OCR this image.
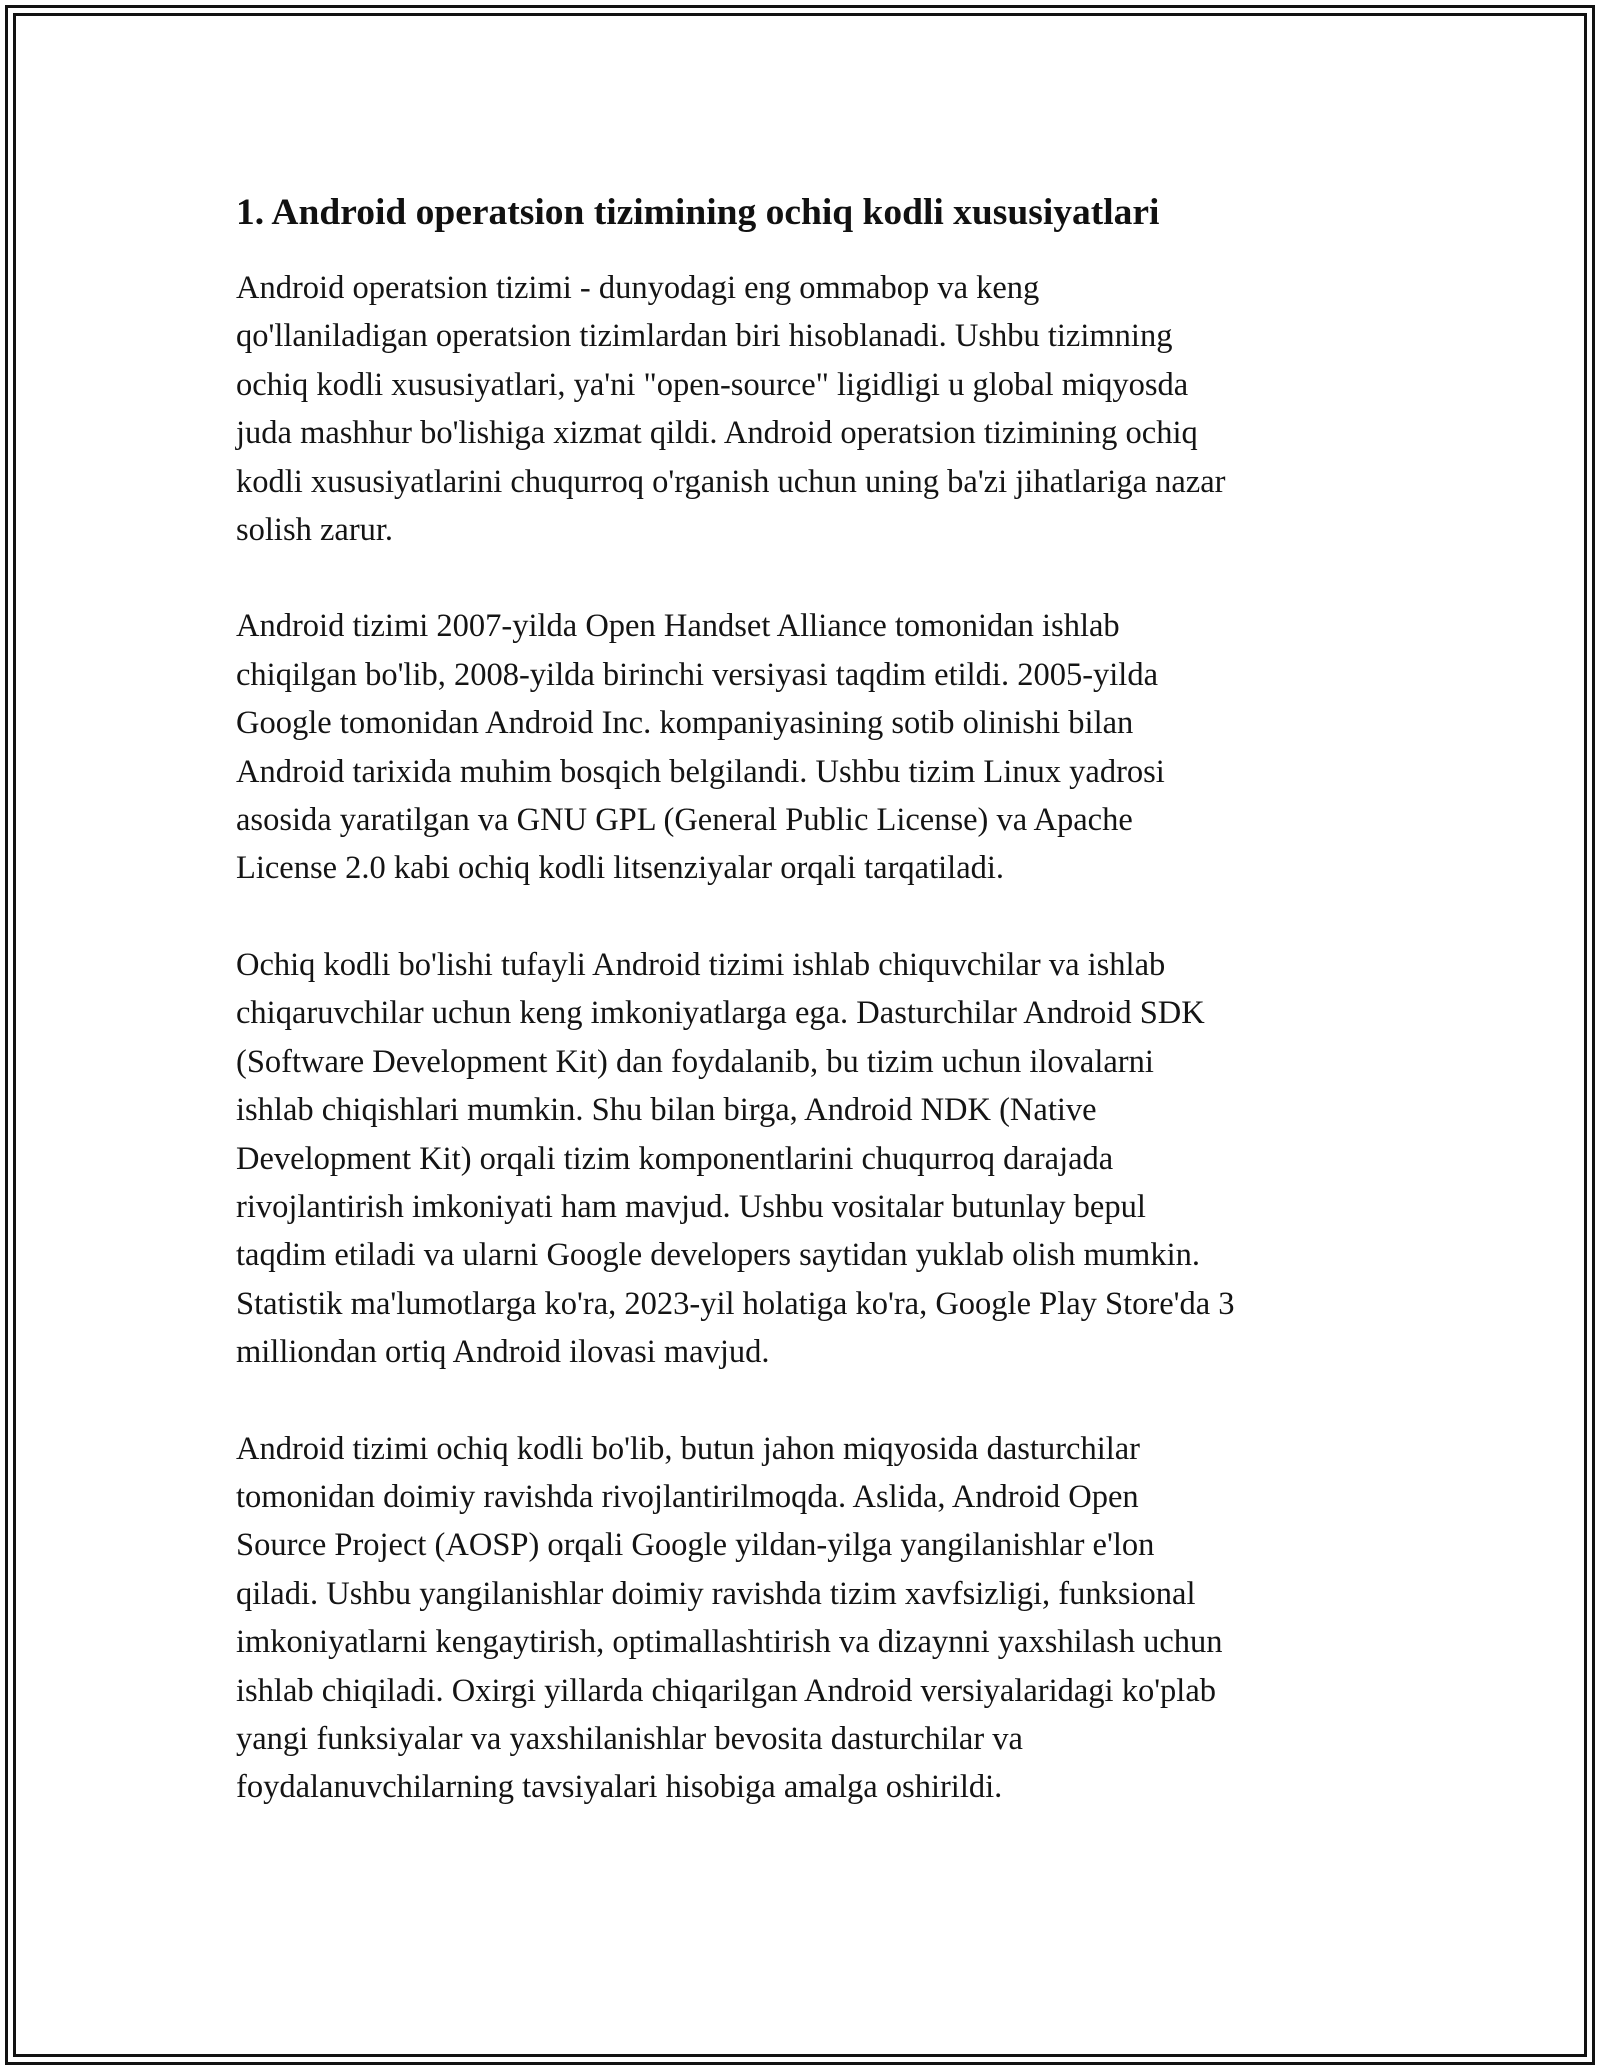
1. Android operatsion tizimining ochiq kodli xususiyatlari

Android operatsion tizimi - dunyodagi eng ommabop va keng
qo'llaniladigan operatsion tizimlardan biri hisoblanadi. Ushbu tizimning
ochiq kodli xususiyatlari, ya'ni "open-source" ligidligi u global miqyosda
juda mashhur bo'lishiga xizmat qildi. Android operatsion tizimining ochiq
kodli xususiyatlarini chuqurroq o'rganish uchun uning ba'zi jihatlariga nazar
solish zarur.

Android tizimi 2007-yilda Open Handset Alliance tomonidan ishlab
chiqilgan bo'lib, 2008-yilda birinchi versiyasi taqdim etildi. 2005-yilda
Google tomonidan Android Inc. kompaniyasining sotib olinishi bilan
Android tarixida muhim bosqich belgilandi. Ushbu tizim Linux yadrosi
asosida yaratilgan va GNU GPL (General Public License) va Apache
License 2.0 kabi ochiq kodli litsenziyalar orqali tarqatiladi.

Ochiq kodli bo'lishi tufayli Android tizimi ishlab chiquvchilar va ishlab
chiqaruvchilar uchun keng imkoniyatlarga ega. Dasturchilar Android SDK
(Software Development Kit) dan foydalanib, bu tizim uchun ilovalarni
ishlab chiqishlari mumkin. Shu bilan birga, Android NDK (Native
Development Kit) orqali tizim komponentlarini chuqurroq darajada
rivojlantirish imkoniyati ham mavjud. Ushbu vositalar butunlay bepul
taqdim etiladi va ularni Google developers saytidan yuklab olish mumkin.
Statistik ma'lumotlarga ko'ra, 2023-yil holatiga ko'ra, Google Play Store'da 3
milliondan ortiq Android ilovasi mavjud.

Android tizimi ochiq kodli bo'lib, butun jahon miqyosida dasturchilar
tomonidan doimiy ravishda rivojlantirilmoqda. Aslida, Android Open
Source Project (AOSP) orqali Google yildan-yilga yangilanishlar e'lon
qiladi. Ushbu yangilanishlar doimiy ravishda tizim xavfsizligi, funksional
imkoniyatlarni kengaytirish, optimallashtirish va dizaynni yaxshilash uchun
ishlab chiqiladi. Oxirgi yillarda chiqarilgan Android versiyalaridagi ko'plab
yangi funksiyalar va yaxshilanishlar bevosita dasturchilar va
foydalanuvchilarning tavsiyalari hisobiga amalga oshirildi.
